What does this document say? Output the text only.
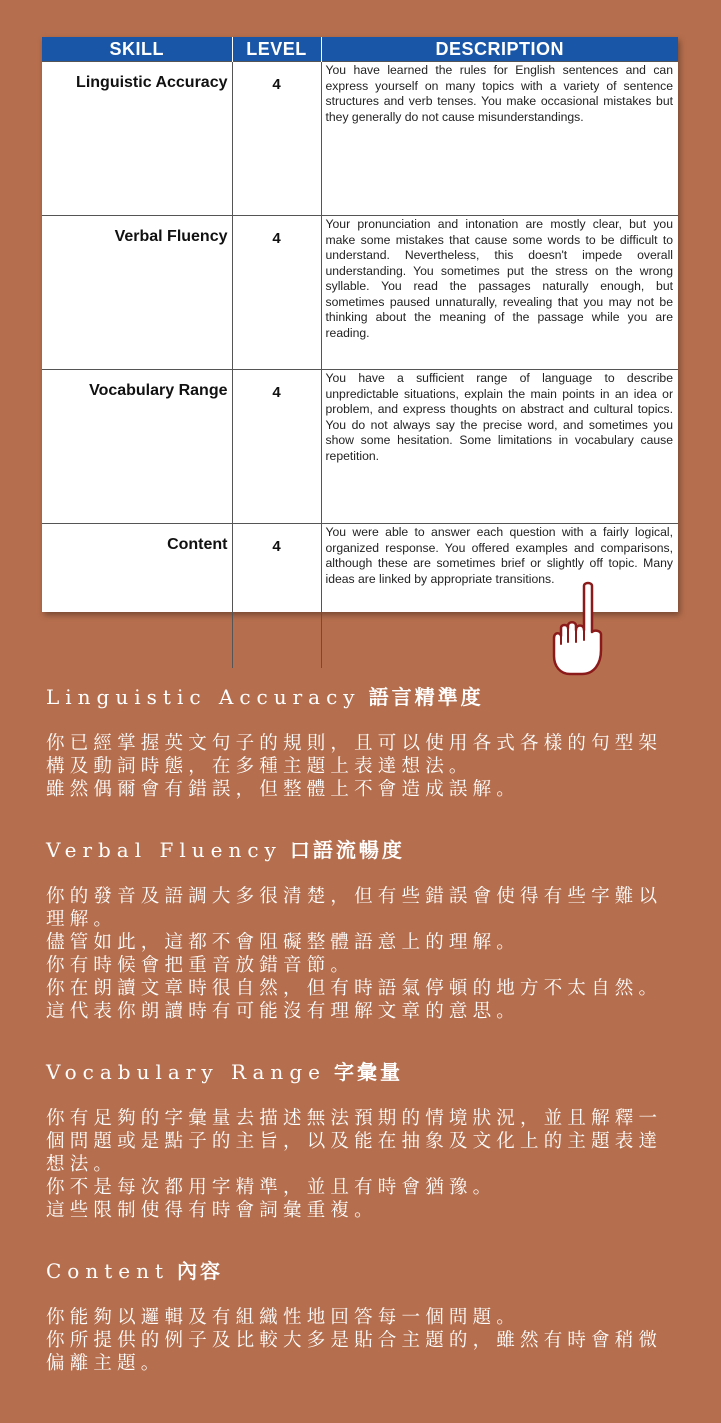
SKILL	LEVEL	DESCRIPTION
Linguistic Accuracy	4	You have learned the rules for English sentences and can express yourself on many topics with a variety of sentence structures and verb tenses. You make occasional mistakes but they generally do not cause misunderstandings.
Verbal Fluency	4	Your pronunciation and intonation are mostly clear, but you make some mistakes that cause some words to be difficult to understand. Nevertheless, this doesn't impede overall understanding. You sometimes put the stress on the wrong syllable. You read the passages naturally enough, but sometimes paused unnaturally, revealing that you may not be thinking about the meaning of the passage while you are reading.
Vocabulary Range	4	You have a sufficient range of language to describe unpredictable situations, explain the main points in an idea or problem, and express thoughts on abstract and cultural topics. You do not always say the precise word, and sometimes you show some hesitation. Some limitations in vocabulary cause repetition.
Content	4	You were able to answer each question with a fairly logical, organized response. You offered examples and comparisons, although these are sometimes brief or slightly off topic. Many ideas are linked by appropriate transitions.
Linguistic Accuracy 語言精準度

你已經掌握英文句子的規則，且可以使用各式各樣的句型架構及動詞時態，在多種主題上表達想法。

雖然偶爾會有錯誤，但整體上不會造成誤解。

Verbal Fluency 口語流暢度

你的發音及語調大多很清楚，但有些錯誤會使得有些字難以理解。

儘管如此，這都不會阻礙整體語意上的理解。

你有時候會把重音放錯音節。

你在朗讀文章時很自然，但有時語氣停頓的地方不太自然。

這代表你朗讀時有可能沒有理解文章的意思。

Vocabulary Range 字彙量

你有足夠的字彙量去描述無法預期的情境狀況，並且解釋一個問題或是點子的主旨，以及能在抽象及文化上的主題表達想法。

你不是每次都用字精準，並且有時會猶豫。

這些限制使得有時會詞彙重複。

Content 內容

你能夠以邏輯及有組織性地回答每一個問題。

你所提供的例子及比較大多是貼合主題的，雖然有時會稍微偏離主題。
